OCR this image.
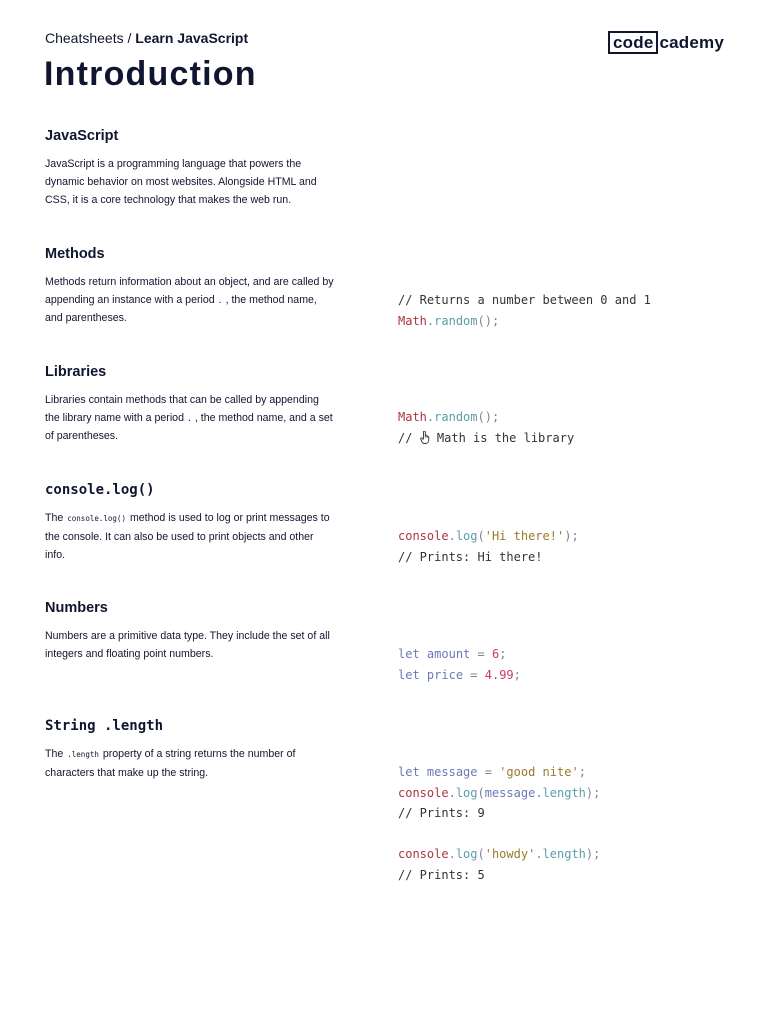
Cheatsheets / Learn JavaScript	code cademy
Introduction
JavaScript

JavaScript is a programming language that powers the dynamic behavior on most websites. Alongside HTML and CSS, it is a core technology that makes the web run.

Methods

Methods return information about an object, and are called by appending an instance with a period . , the method name, and parentheses.

// Returns a number between 0 and 1
Math.random();
Libraries

Libraries contain methods that can be called by appending the library name with a period . , the method name, and a set of parentheses.

Math.random();
//  Math is the library
console.log()

The console.log() method is used to log or print messages to the console. It can also be used to print objects and other info.

console.log('Hi there!');
// Prints: Hi there!
Numbers

Numbers are a primitive data type. They include the set of all integers and floating point numbers.	let amount = 6;
let price = 4.99;
String .length

The .length property of a string returns the number of characters that make up the string.	let message = 'good nite';
console.log(message.length);
// Prints: 9
console.log('howdy'.length);
// Prints: 5
